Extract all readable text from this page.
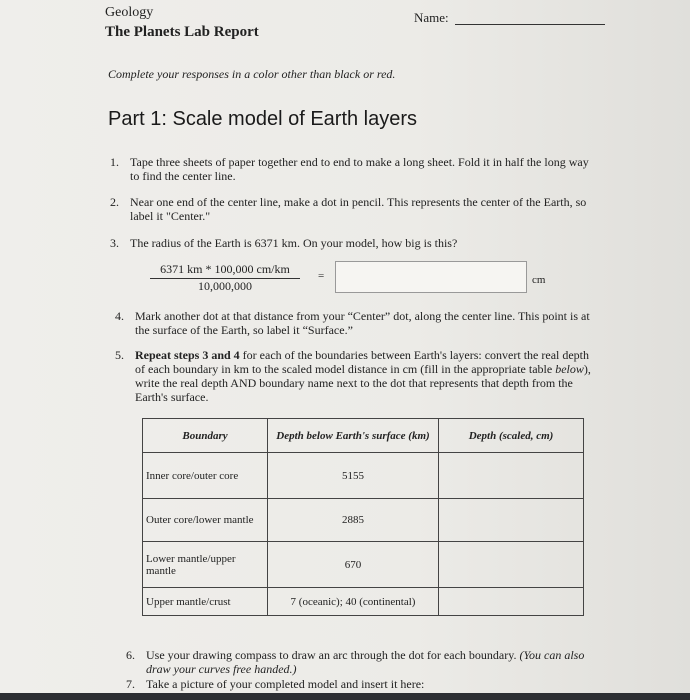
Geology
The Planets Lab Report
Name:
Complete your responses in a color other than black or red.
Part 1: Scale model of Earth layers
1. Tape three sheets of paper together end to end to make a long sheet. Fold it in half the long way to find the center line.
2. Near one end of the center line, make a dot in pencil. This represents the center of the Earth, so label it "Center."
3. The radius of the Earth is 6371 km. On your model, how big is this?
$\frac{6371 km * 100,000 cm/km}{10,000,000}$ =	cm
4. Mark another dot at that distance from your “Center” dot, along the center line. This point is at the surface of the Earth, so label it “Surface.”
5. Repeat steps 3 and 4 for each of the boundaries between Earth's layers: convert the real depth of each boundary in km to the scaled model distance in cm (fill in the appropriate table below), write the real depth AND boundary name next to the dot that represents that depth from the Earth's surface.
Boundary	Depth below Earth's surface (km)	Depth (scaled, cm)
Inner core/outer core	5155	
Outer core/lower mantle	2885	
Lower mantle/upper mantle	670	
Upper mantle/crust	7 (oceanic); 40 (continental)	
6. Use your drawing compass to draw an arc through the dot for each boundary. (You can also draw your curves free handed.)
7. Take a picture of your completed model and insert it here:
